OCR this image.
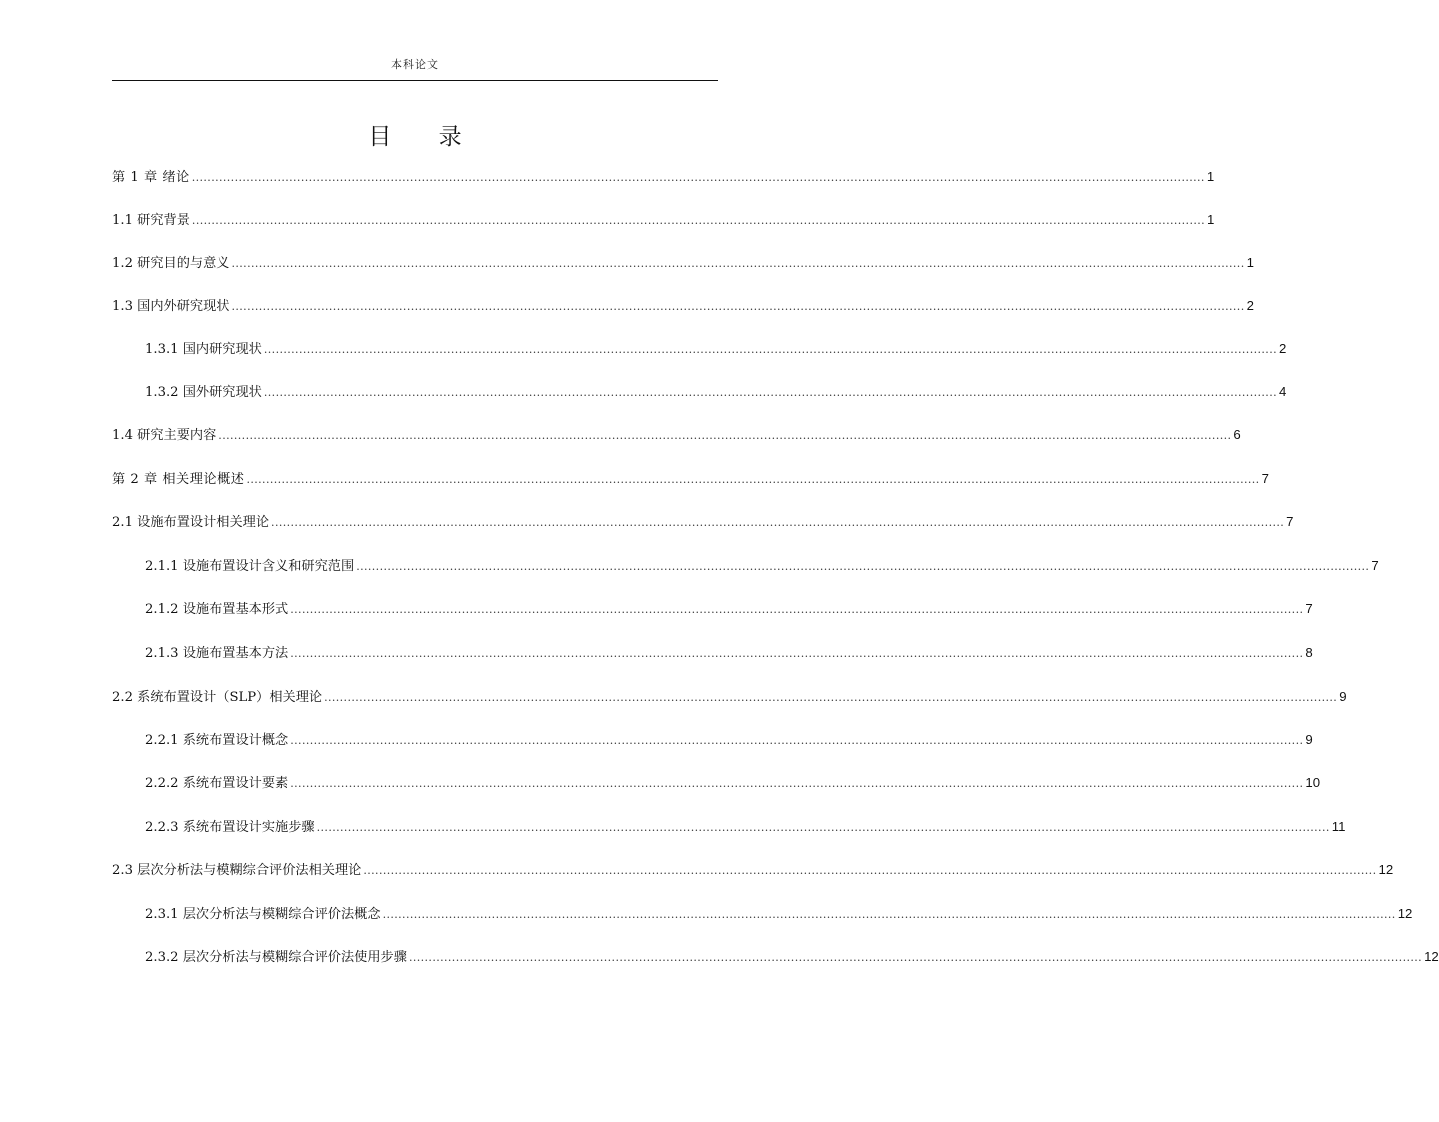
本科论文
目 录
第 1 章 绪论 .................................................................................................................................................................................................................................................................... 1
1.1 研究背景 .................................................................................................................................................................................................................................................................... 1
1.2 研究目的与意义 .................................................................................................................................................................................................................................................................... 1
1.3 国内外研究现状 .................................................................................................................................................................................................................................................................... 2
1.3.1 国内研究现状 .................................................................................................................................................................................................................................................................... 2
1.3.2 国外研究现状 .................................................................................................................................................................................................................................................................... 4
1.4 研究主要内容 .................................................................................................................................................................................................................................................................... 6
第 2 章 相关理论概述 .................................................................................................................................................................................................................................................................... 7
2.1 设施布置设计相关理论 .................................................................................................................................................................................................................................................................... 7
2.1.1 设施布置设计含义和研究范围 .................................................................................................................................................................................................................................................................... 7
2.1.2 设施布置基本形式 .................................................................................................................................................................................................................................................................... 7
2.1.3 设施布置基本方法 .................................................................................................................................................................................................................................................................... 8
2.2 系统布置设计（SLP）相关理论 .................................................................................................................................................................................................................................................................... 9
2.2.1 系统布置设计概念 .................................................................................................................................................................................................................................................................... 9
2.2.2 系统布置设计要素 .................................................................................................................................................................................................................................................................... 10
2.2.3 系统布置设计实施步骤 .................................................................................................................................................................................................................................................................... 11
2.3 层次分析法与模糊综合评价法相关理论 .................................................................................................................................................................................................................................................................... 12
2.3.1 层次分析法与模糊综合评价法概念 .................................................................................................................................................................................................................................................................... 12
2.3.2 层次分析法与模糊综合评价法使用步骤 .................................................................................................................................................................................................................................................................... 12
